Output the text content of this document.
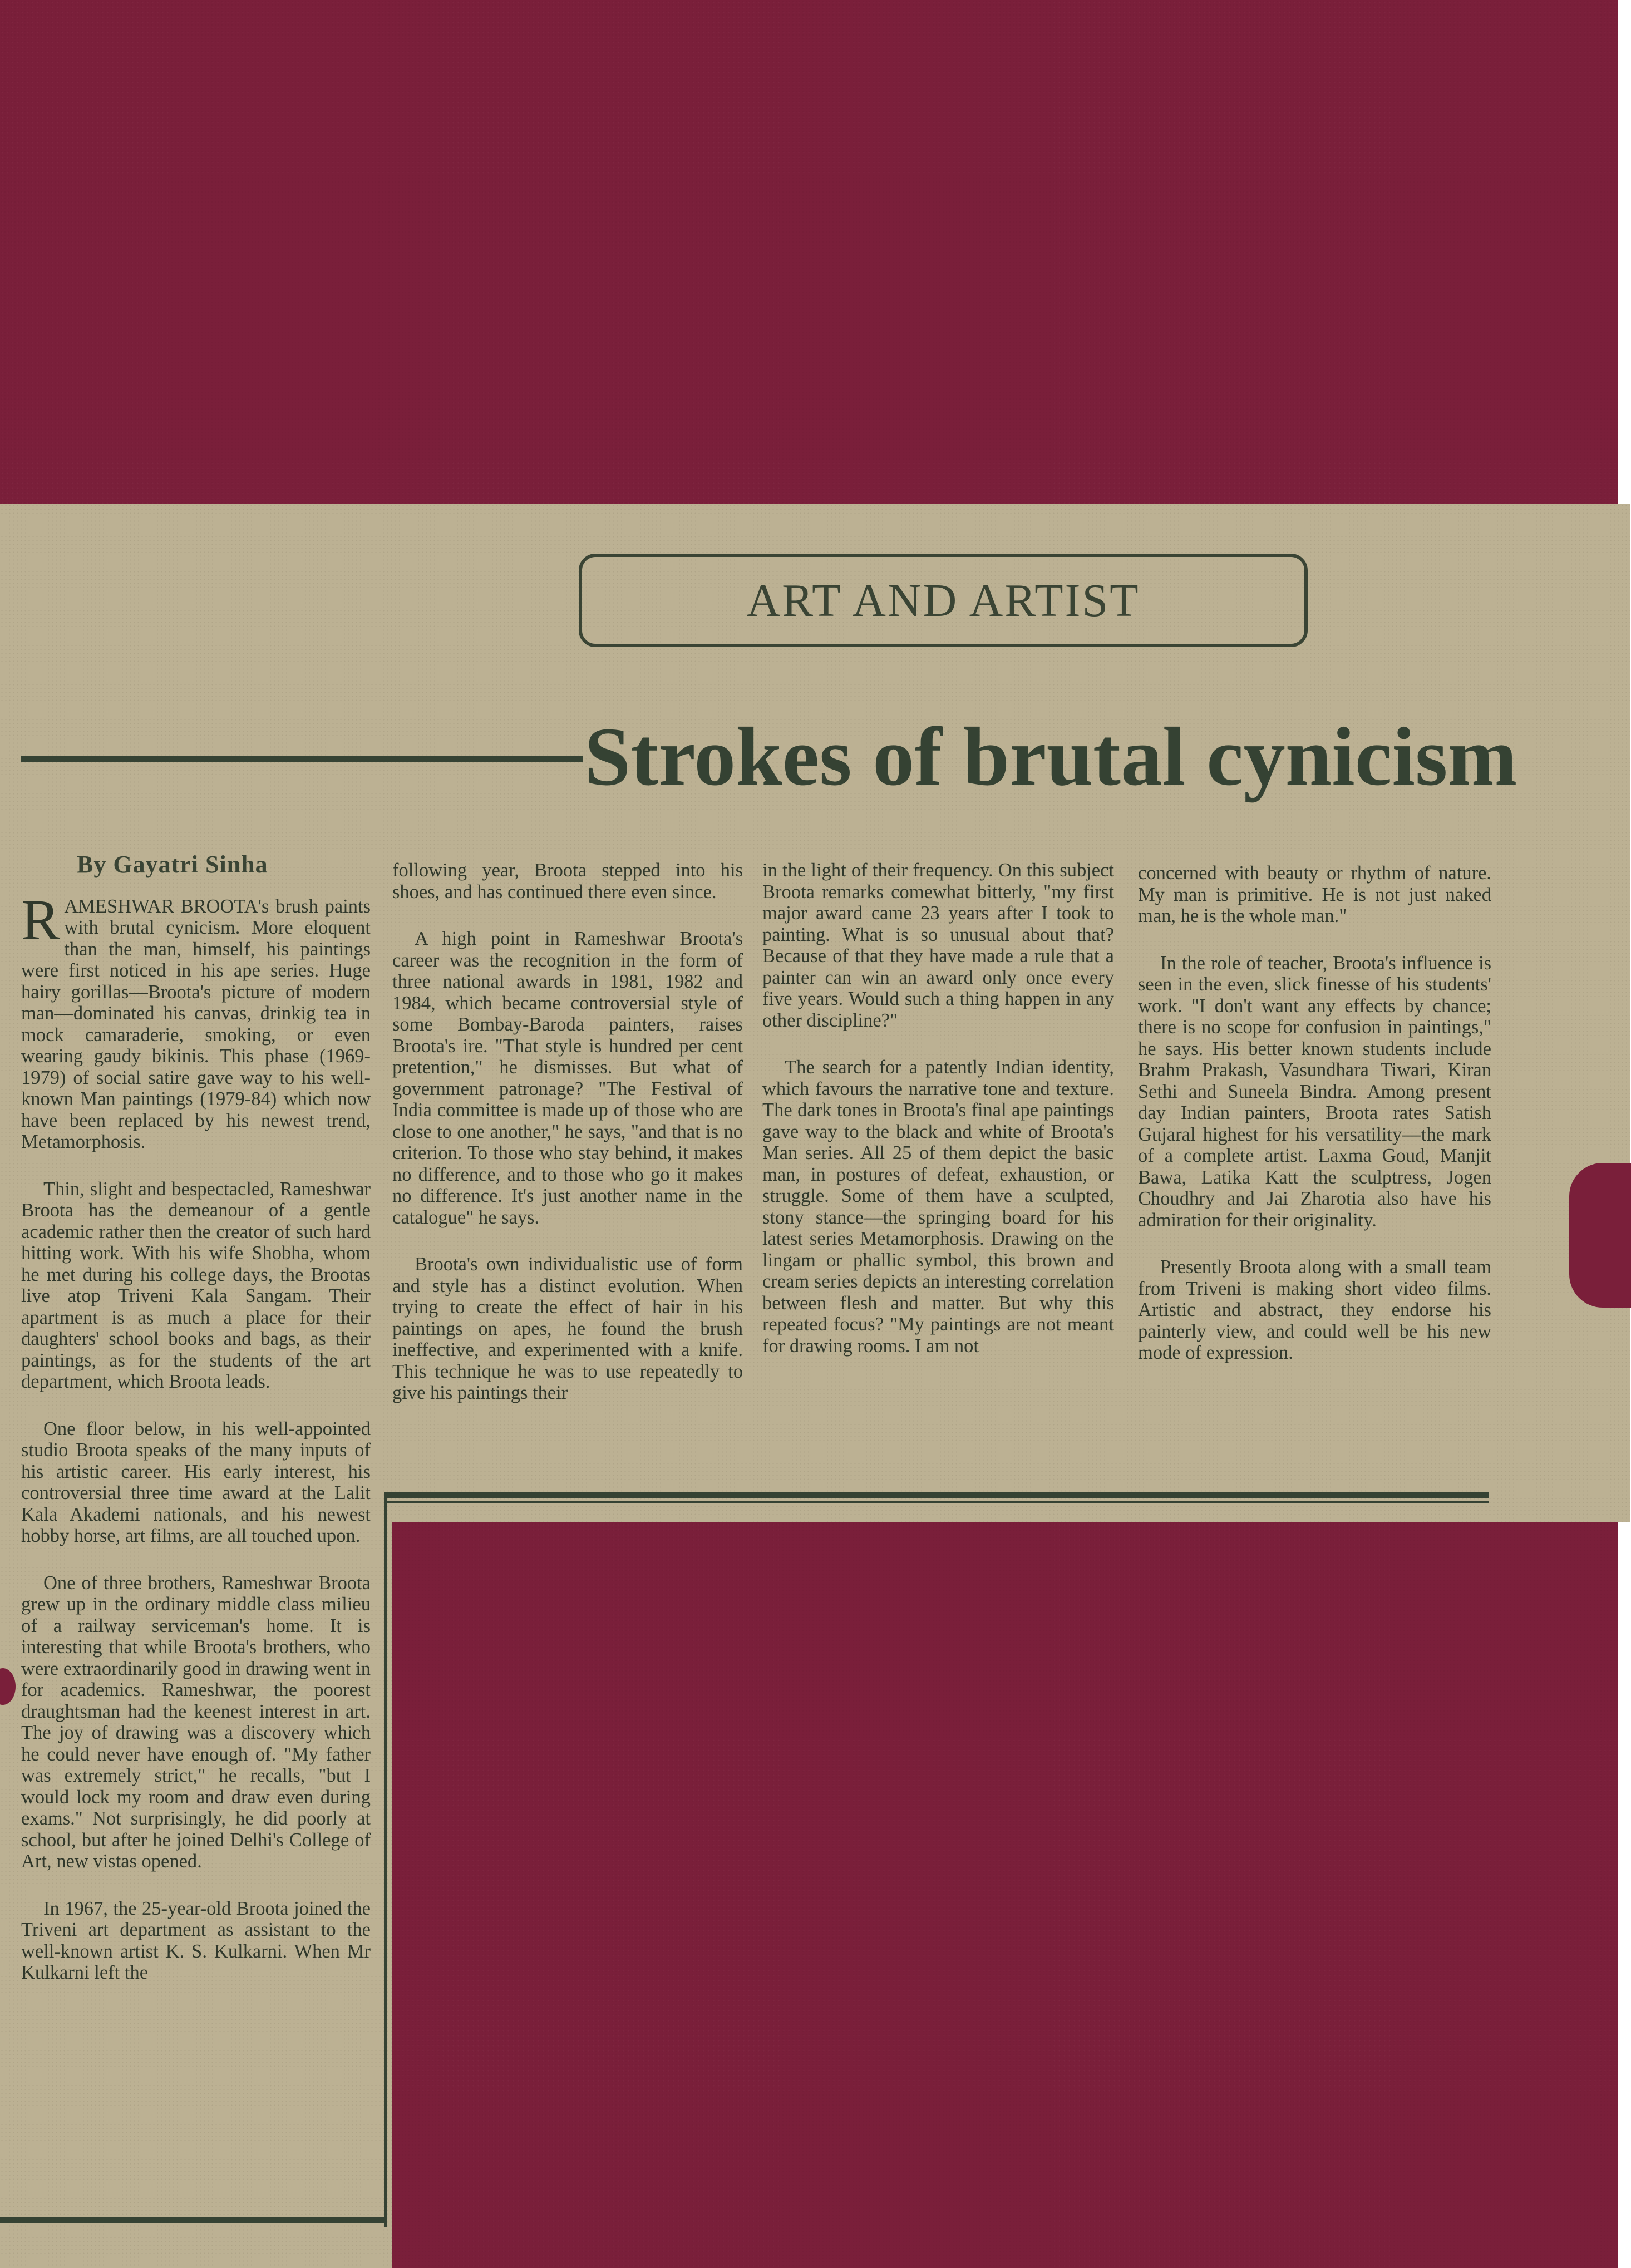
ART AND ARTIST
Strokes of brutal cynicism
By Gayatri Sinha

RAMESHWAR BROOTA's brush paints with brutal cynicism. More eloquent than the man, himself, his paintings were first noticed in his ape series. Huge hairy gorillas—Broota's picture of modern man—dominated his canvas, drinkig tea in mock camaraderie, smoking, or even wearing gaudy bikinis. This phase (1969-1979) of social satire gave way to his well-known Man paintings (1979-84) which now have been replaced by his newest trend, Metamorphosis.

Thin, slight and bespectacled, Rameshwar Broota has the demeanour of a gentle academic rather then the creator of such hard hitting work. With his wife Shobha, whom he met during his college days, the Brootas live atop Triveni Kala Sangam. Their apartment is as much a place for their daughters' school books and bags, as their paintings, as for the students of the art department, which Broota leads.

One floor below, in his well-appointed studio Broota speaks of the many inputs of his artistic career. His early interest, his controversial three time award at the Lalit Kala Akademi nationals, and his newest hobby horse, art films, are all touched upon.

One of three brothers, Rameshwar Broota grew up in the ordinary middle class milieu of a railway serviceman's home. It is interesting that while Broota's brothers, who were extraordinarily good in drawing went in for academics. Rameshwar, the poorest draughtsman had the keenest interest in art. The joy of drawing was a discovery which he could never have enough of. "My father was extremely strict," he recalls, "but I would lock my room and draw even during exams." Not surprisingly, he did poorly at school, but after he joined Delhi's College of Art, new vistas opened.

In 1967, the 25-year-old Broota joined the Triveni art department as assistant to the well-known artist K. S. Kulkarni. When Mr Kulkarni left the

following year, Broota stepped into his shoes, and has continued there even since.

A high point in Rameshwar Broota's career was the recognition in the form of three national awards in 1981, 1982 and 1984, which became controversial style of some Bombay-Baroda painters, raises Broota's ire. "That style is hundred per cent pretention," he dismisses. But what of government patronage? "The Festival of India committee is made up of those who are close to one another," he says, "and that is no criterion. To those who stay behind, it makes no difference, and to those who go it makes no difference. It's just another name in the catalogue" he says.

Broota's own individualistic use of form and style has a distinct evolution. When trying to create the effect of hair in his paintings on apes, he found the brush ineffective, and experimented with a knife. This technique he was to use repeatedly to give his paintings their

in the light of their frequency. On this subject Broota remarks comewhat bitterly, "my first major award came 23 years after I took to painting. What is so unusual about that? Because of that they have made a rule that a painter can win an award only once every five years. Would such a thing happen in any other discipline?"

The search for a patently Indian identity, which favours the narrative tone and texture. The dark tones in Broota's final ape paintings gave way to the black and white of Broota's Man series. All 25 of them depict the basic man, in postures of defeat, exhaustion, or struggle. Some of them have a sculpted, stony stance—the springing board for his latest series Metamorphosis. Drawing on the lingam or phallic symbol, this brown and cream series depicts an interesting correlation between flesh and matter. But why this repeated focus? "My paintings are not meant for drawing rooms. I am not

concerned with beauty or rhythm of nature. My man is primitive. He is not just naked man, he is the whole man."

In the role of teacher, Broota's influence is seen in the even, slick finesse of his students' work. "I don't want any effects by chance; there is no scope for confusion in paintings," he says. His better known students include Brahm Prakash, Vasundhara Tiwari, Kiran Sethi and Suneela Bindra. Among present day Indian painters, Broota rates Satish Gujaral highest for his versatility—the mark of a complete artist. Laxma Goud, Manjit Bawa, Latika Katt the sculptress, Jogen Choudhry and Jai Zharotia also have his admiration for their originality.

Presently Broota along with a small team from Triveni is making short video films. Artistic and abstract, they endorse his painterly view, and could well be his new mode of expression.
